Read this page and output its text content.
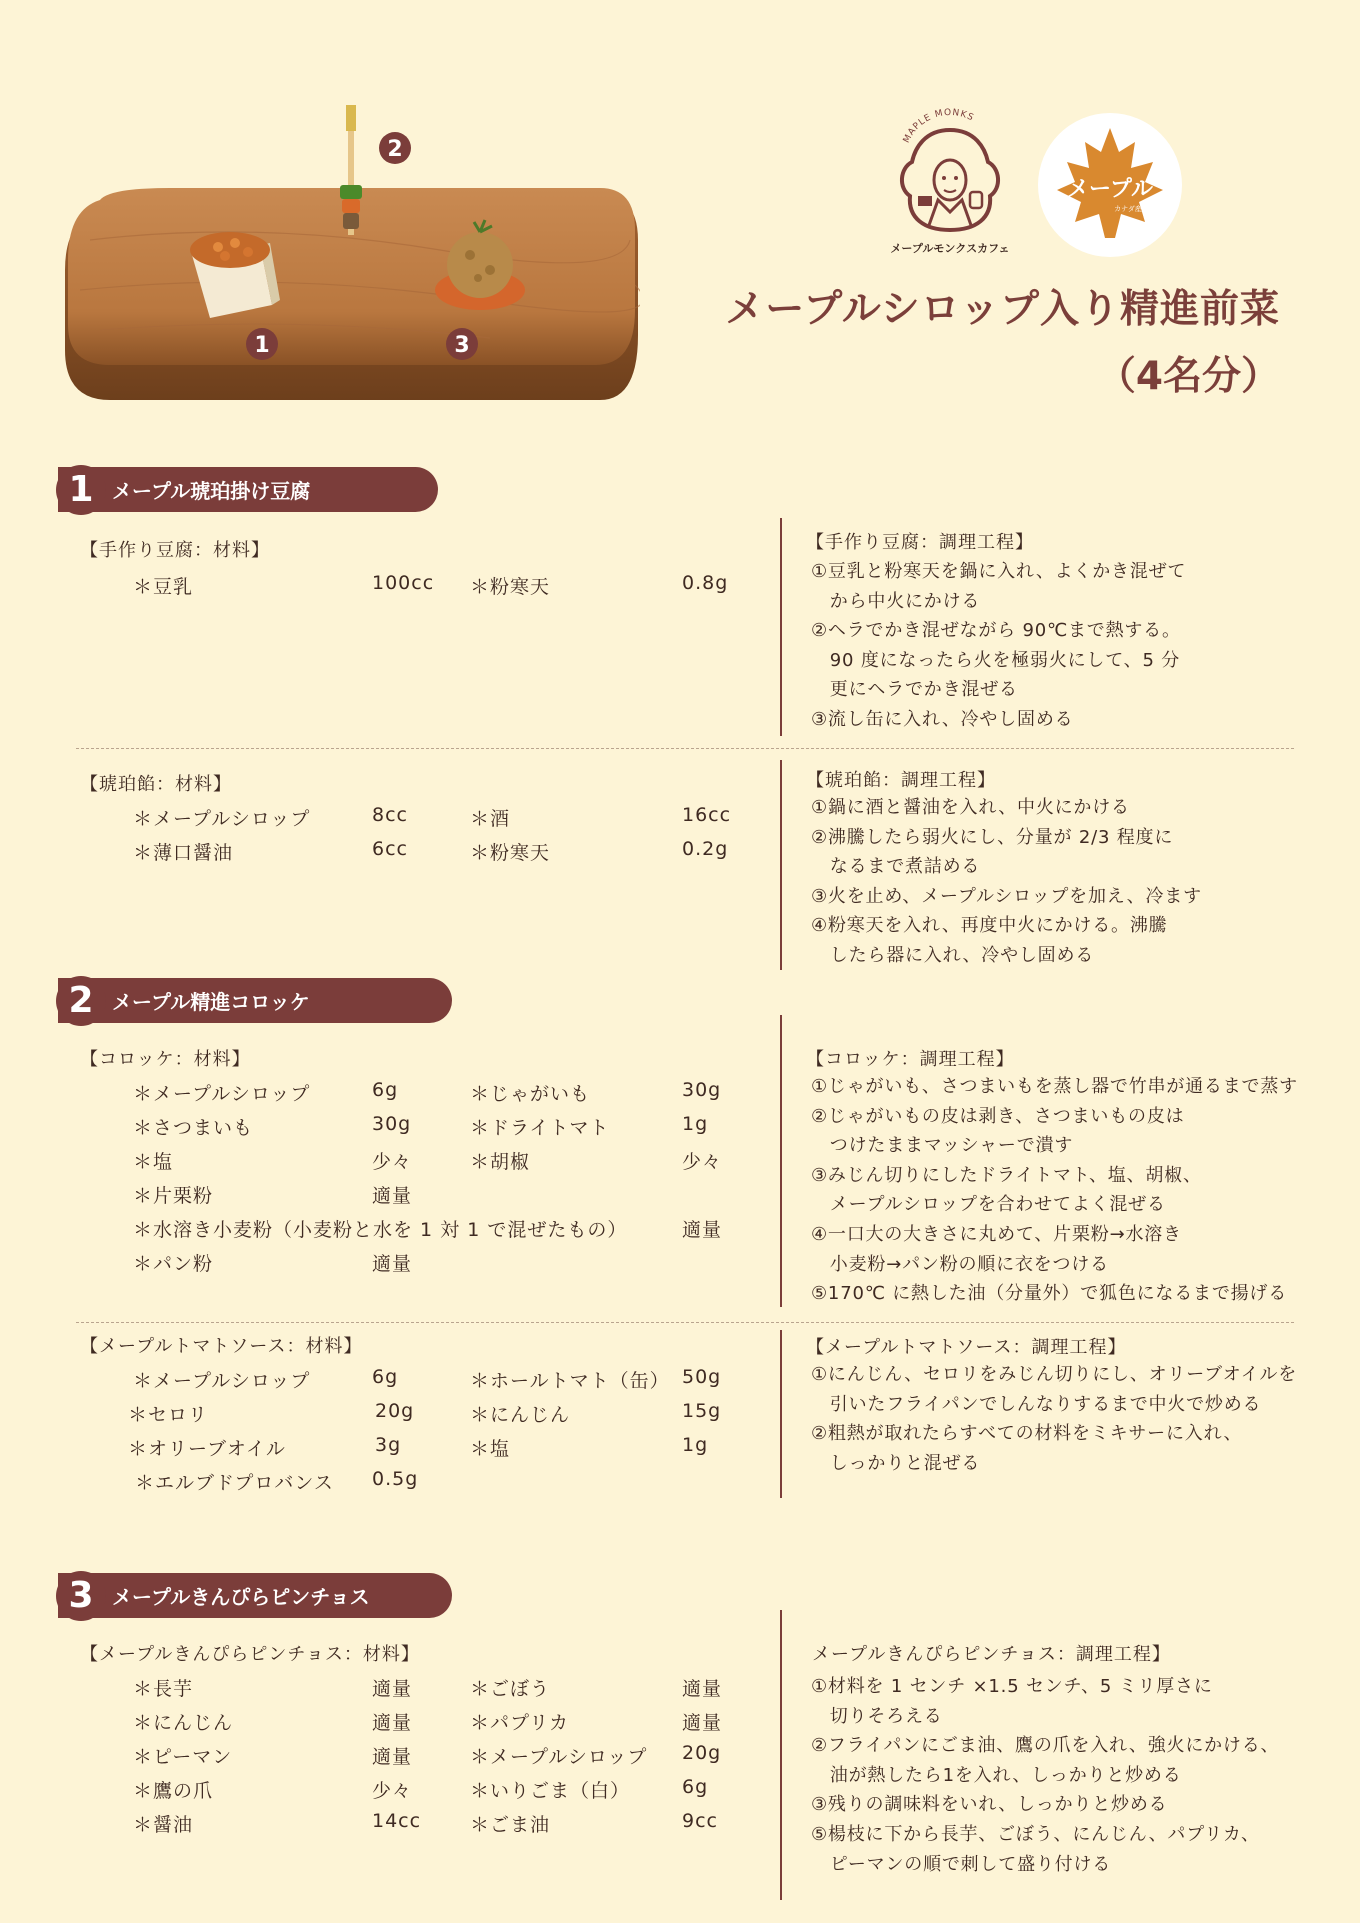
1
2
3
MAPLE MONKS
メープルモンクスカフェ
メープル
カナダ産
メープルシロップ入り精進前菜
（4名分）
1 メープル琥珀掛け豆腐
【手作り豆腐：材料】
＊豆乳	100cc ＊粉寒天	0.8g
【手作り豆腐：調理工程】
①豆乳と粉寒天を鍋に入れ、よくかき混ぜて
　から中火にかける
②ヘラでかき混ぜながら 90℃まで熱する。
　90 度になったら火を極弱火にして、5 分
　更にヘラでかき混ぜる
③流し缶に入れ、冷やし固める
【琥珀餡：材料】
＊メープルシロップ	8cc	＊酒	16cc
＊薄口醤油	6cc	＊粉寒天	0.2g
【琥珀餡：調理工程】
①鍋に酒と醤油を入れ、中火にかける
②沸騰したら弱火にし、分量が 2/3 程度に
　なるまで煮詰める
③火を止め、メープルシロップを加え、冷ます
④粉寒天を入れ、再度中火にかける。沸騰
　したら器に入れ、冷やし固める
2 メープル精進コロッケ
【コロッケ：材料】
＊メープルシロップ	6g	＊じゃがいも	30g
＊さつまいも	30g	＊ドライトマト	1g
＊塩	少々	＊胡椒	少々
＊片栗粉	適量
＊水溶き小麦粉（小麦粉と水を 1 対 1 で混ぜたもの）	適量
＊パン粉	適量
【コロッケ：調理工程】
①じゃがいも、さつまいもを蒸し器で竹串が通るまで蒸す
②じゃがいもの皮は剥き、さつまいもの皮は
　つけたままマッシャーで潰す
③みじん切りにしたドライトマト、塩、胡椒、
　メープルシロップを合わせてよく混ぜる
④一口大の大きさに丸めて、片栗粉→水溶き
　小麦粉→パン粉の順に衣をつける
⑤170℃ に熱した油（分量外）で狐色になるまで揚げる
【メープルトマトソース：材料】
＊メープルシロップ	6g	＊ホールトマト（缶） 50g
＊セロリ	20g	＊にんじん	15g
＊オリーブオイル	3g	＊塩	1g
＊エルブドプロバンス 0.5g
【メープルトマトソース：調理工程】
①にんじん、セロリをみじん切りにし、オリーブオイルを
　引いたフライパンでしんなりするまで中火で炒める
②粗熱が取れたらすべての材料をミキサーに入れ、
　しっかりと混ぜる
3 メープルきんぴらピンチョス
【メープルきんぴらピンチョス：材料】
＊長芋	適量	＊ごぼう	適量
＊にんじん	適量	＊パプリカ	適量
＊ピーマン	適量	＊メープルシロップ 20g
＊鷹の爪	少々	＊いりごま（白）	6g
＊醤油	14cc	＊ごま油	9cc
メープルきんぴらピンチョス：調理工程】
①材料を 1 センチ ×1.5 センチ、5 ミリ厚さに
　切りそろえる
②フライパンにごま油、鷹の爪を入れ、強火にかける、
　油が熱したら1を入れ、しっかりと炒める
③残りの調味料をいれ、しっかりと炒める
⑤楊枝に下から長芋、ごぼう、にんじん、パプリカ、
　ピーマンの順で刺して盛り付ける
